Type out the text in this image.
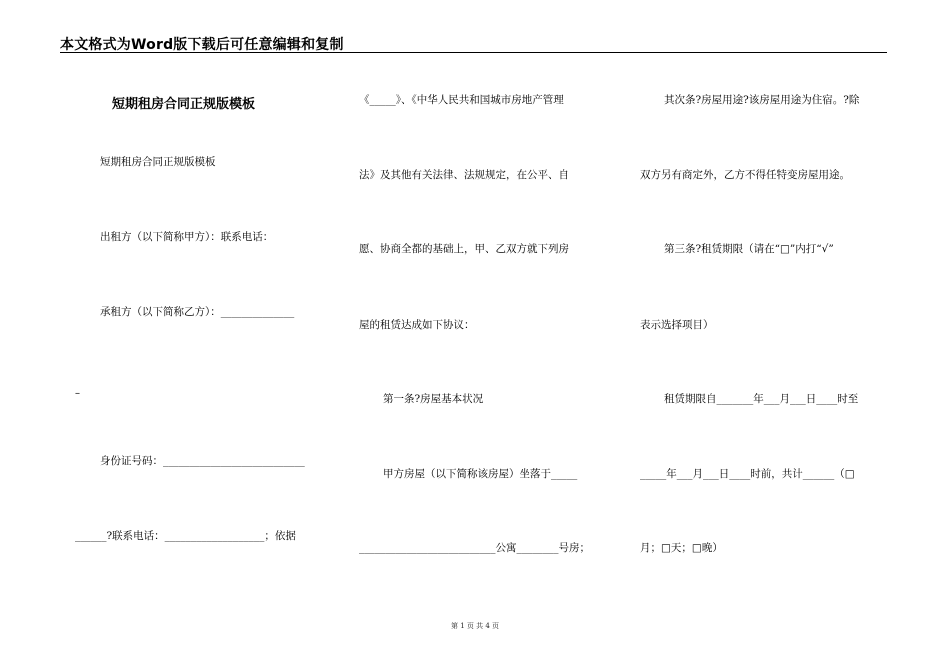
本文格式为Word版下载后可任意编辑和复制
短期租房合同正规版模板
短期租房合同正规版模板
出租方（以下简称甲方）：联系电话：
承租方（以下简称乙方）：______________
–
身份证号码：___________________________
______?联系电话：___________________；依据
《_____》、《中华人民共和国城市房地产管理
法》及其他有关法律、法规规定，在公平、自
愿、协商全都的基础上，甲、乙双方就下列房
屋的租赁达成如下协议：
第一条?房屋基本状况
甲方房屋（以下简称该房屋）坐落于_____
__________________________公寓________号房；
其次条?房屋用途?该房屋用途为住宿。?除
双方另有商定外，乙方不得任特变房屋用途。
第三条?租赁期限（请在“□”内打“√”
表示选择项目）
租赁期限自_______年___月___日____时至
_____年___月___日____时前，共计______（□
月；□天；□晚）
第 1 页 共 4 页
